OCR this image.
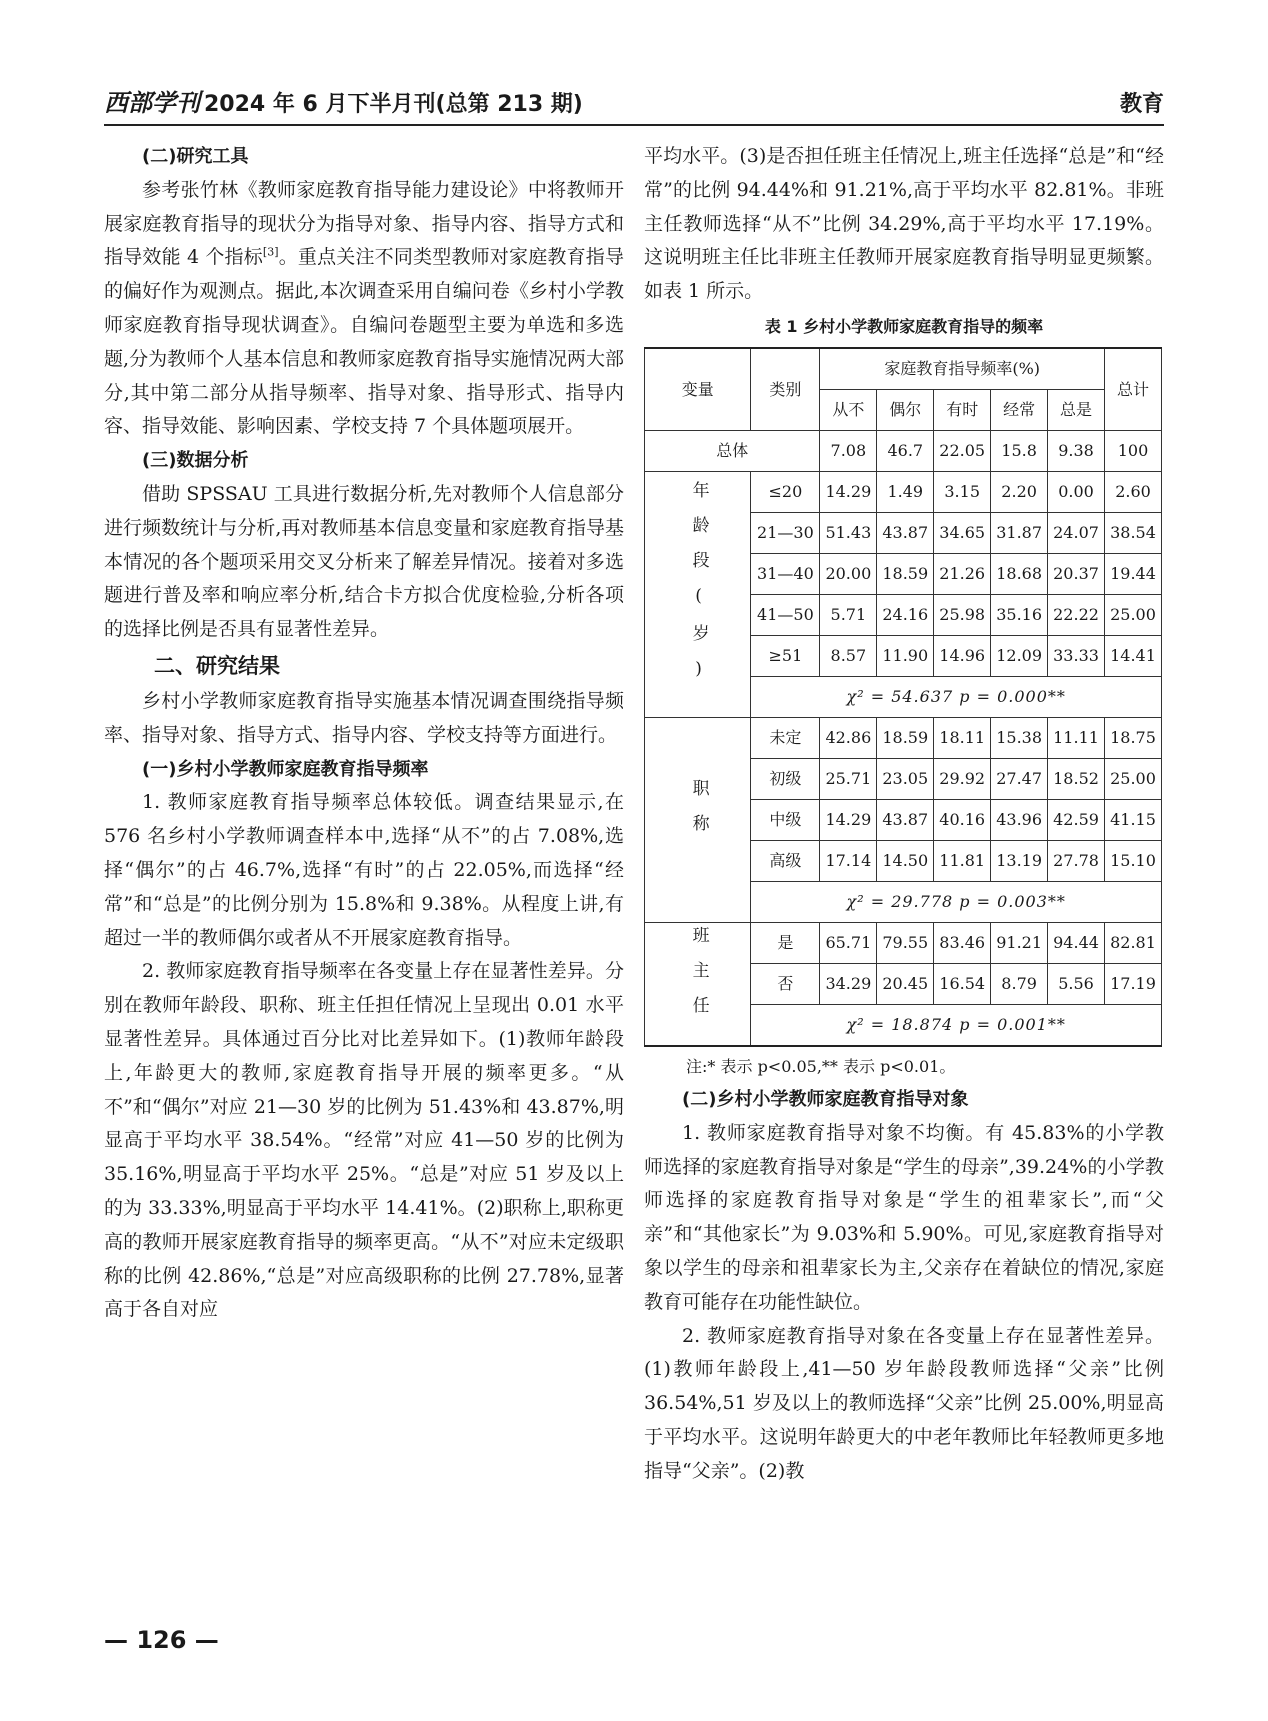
西部学刊 2024 年 6 月下半月刊(总第 213 期)	教育
(二)研究工具

参考张竹林《教师家庭教育指导能力建设论》中将教师开展家庭教育指导的现状分为指导对象、指导内容、指导方式和指导效能 4 个指标[3]。重点关注不同类型教师对家庭教育指导的偏好作为观测点。据此,本次调查采用自编问卷《乡村小学教师家庭教育指导现状调查》。自编问卷题型主要为单选和多选题,分为教师个人基本信息和教师家庭教育指导实施情况两大部分,其中第二部分从指导频率、指导对象、指导形式、指导内容、指导效能、影响因素、学校支持 7 个具体题项展开。

(三)数据分析

借助 SPSSAU 工具进行数据分析,先对教师个人信息部分进行频数统计与分析,再对教师基本信息变量和家庭教育指导基本情况的各个题项采用交叉分析来了解差异情况。接着对多选题进行普及率和响应率分析,结合卡方拟合优度检验,分析各项的选择比例是否具有显著性差异。

二、研究结果

乡村小学教师家庭教育指导实施基本情况调查围绕指导频率、指导对象、指导方式、指导内容、学校支持等方面进行。

(一)乡村小学教师家庭教育指导频率

1. 教师家庭教育指导频率总体较低。调查结果显示,在 576 名乡村小学教师调查样本中,选择“从不”的占 7.08%,选择“偶尔”的占 46.7%,选择“有时”的占 22.05%,而选择“经常”和“总是”的比例分别为 15.8%和 9.38%。从程度上讲,有超过一半的教师偶尔或者从不开展家庭教育指导。

2. 教师家庭教育指导频率在各变量上存在显著性差异。分别在教师年龄段、职称、班主任担任情况上呈现出 0.01 水平显著性差异。具体通过百分比对比差异如下。(1)教师年龄段上,年龄更大的教师,家庭教育指导开展的频率更多。“从不”和“偶尔”对应 21—30 岁的比例为 51.43%和 43.87%,明显高于平均水平 38.54%。“经常”对应 41—50 岁的比例为 35.16%,明显高于平均水平 25%。“总是”对应 51 岁及以上的为 33.33%,明显高于平均水平 14.41%。(2)职称上,职称更高的教师开展家庭教育指导的频率更高。“从不”对应未定级职称的比例 42.86%,“总是”对应高级职称的比例 27.78%,显著高于各自对应

平均水平。(3)是否担任班主任情况上,班主任选择“总是”和“经常”的比例 94.44%和 91.21%,高于平均水平 82.81%。非班主任教师选择“从不”比例 34.29%,高于平均水平 17.19%。这说明班主任比非班主任教师开展家庭教育指导明显更频繁。如表 1 所示。

表 1 乡村小学教师家庭教育指导的频率
变量	类别	家庭教育指导频率(%)					总计
		从不	偶尔	有时	经常	总是	
总体		7.08	46.7	22.05	15.8	9.38	100
年龄段(岁)	≤20	14.29	1.49	3.15	2.20	0.00	2.60
	21—30	51.43	43.87	34.65	31.87	24.07	38.54
	31—40	20.00	18.59	21.26	18.68	20.37	19.44
	41—50	5.71	24.16	25.98	35.16	22.22	25.00
	≥51	8.57	11.90	14.96	12.09	33.33	14.41
	χ² = 54.637 p = 0.000**						
职称	未定	42.86	18.59	18.11	15.38	11.11	18.75
	初级	25.71	23.05	29.92	27.47	18.52	25.00
	中级	14.29	43.87	40.16	43.96	42.59	41.15
	高级	17.14	14.50	11.81	13.19	27.78	15.10
	χ² = 29.778 p = 0.003**						
班主任	是	65.71	79.55	83.46	91.21	94.44	82.81
	否	34.29	20.45	16.54	8.79	5.56	17.19
	χ² = 18.874 p = 0.001**						
注:* 表示 p<0.05,** 表示 p<0.01。
(二)乡村小学教师家庭教育指导对象

1. 教师家庭教育指导对象不均衡。有 45.83%的小学教师选择的家庭教育指导对象是“学生的母亲”,39.24%的小学教师选择的家庭教育指导对象是“学生的祖辈家长”,而“父亲”和“其他家长”为 9.03%和 5.90%。可见,家庭教育指导对象以学生的母亲和祖辈家长为主,父亲存在着缺位的情况,家庭教育可能存在功能性缺位。

2. 教师家庭教育指导对象在各变量上存在显著性差异。(1)教师年龄段上,41—50 岁年龄段教师选择“父亲”比例 36.54%,51 岁及以上的教师选择“父亲”比例 25.00%,明显高于平均水平。这说明年龄更大的中老年教师比年轻教师更多地指导“父亲”。(2)教

— 126 —
